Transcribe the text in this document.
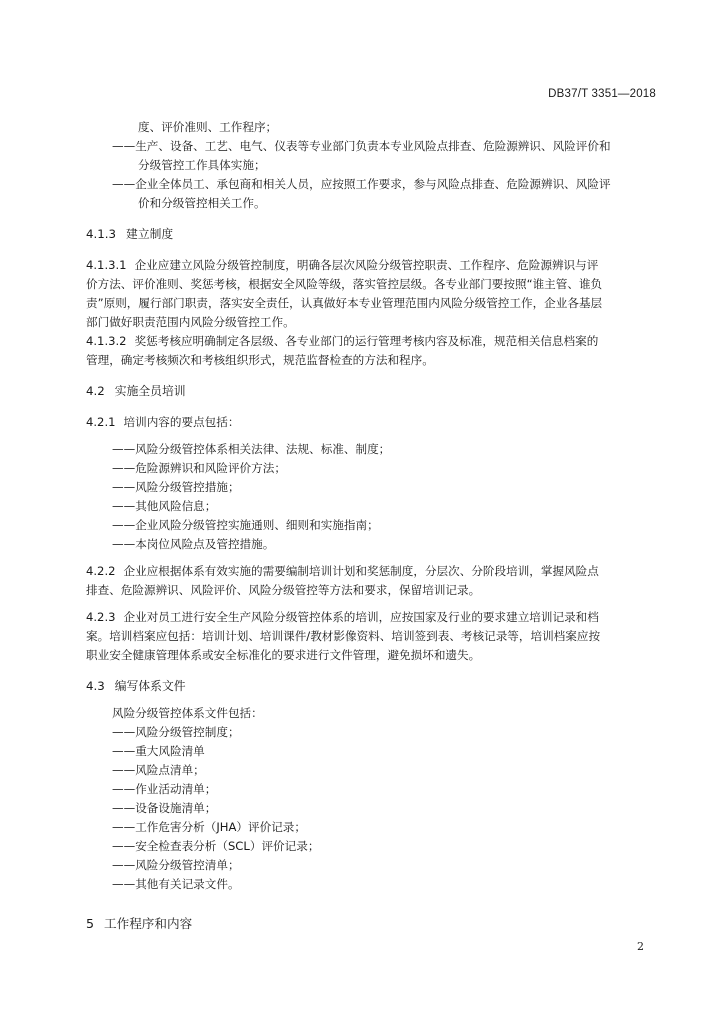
DB37/T 3351—2018
度、评价准则、工作程序；
——生产、设备、工艺、电气、仪表等专业部门负责本专业风险点排查、危险源辨识、风险评价和
分级管控工作具体实施；
——企业全体员工、承包商和相关人员，应按照工作要求，参与风险点排查、危险源辨识、风险评
价和分级管控相关工作。
4.1.3 建立制度
4.1.3.1 企业应建立风险分级管控制度，明确各层次风险分级管控职责、工作程序、危险源辨识与评
价方法、评价准则、奖惩考核，根据安全风险等级，落实管控层级。各专业部门要按照“谁主管、谁负
责”原则，履行部门职责，落实安全责任，认真做好本专业管理范围内风险分级管控工作，企业各基层
部门做好职责范围内风险分级管控工作。
4.1.3.2 奖惩考核应明确制定各层级、各专业部门的运行管理考核内容及标准，规范相关信息档案的
管理，确定考核频次和考核组织形式，规范监督检查的方法和程序。
4.2 实施全员培训
4.2.1 培训内容的要点包括：
——风险分级管控体系相关法律、法规、标准、制度；
——危险源辨识和风险评价方法；
——风险分级管控措施；
——其他风险信息；
——企业风险分级管控实施通则、细则和实施指南；
——本岗位风险点及管控措施。
4.2.2 企业应根据体系有效实施的需要编制培训计划和奖惩制度，分层次、分阶段培训，掌握风险点
排查、危险源辨识、风险评价、风险分级管控等方法和要求，保留培训记录。
4.2.3 企业对员工进行安全生产风险分级管控体系的培训，应按国家及行业的要求建立培训记录和档
案。培训档案应包括：培训计划、培训课件/教材影像资料、培训签到表、考核记录等，培训档案应按
职业安全健康管理体系或安全标准化的要求进行文件管理，避免损坏和遗失。
4.3 编写体系文件
风险分级管控体系文件包括：
——风险分级管控制度；
——重大风险清单
——风险点清单；
——作业活动清单；
——设备设施清单；
——工作危害分析（JHA）评价记录；
——安全检查表分析（SCL）评价记录；
——风险分级管控清单；
——其他有关记录文件。
5 工作程序和内容
2
